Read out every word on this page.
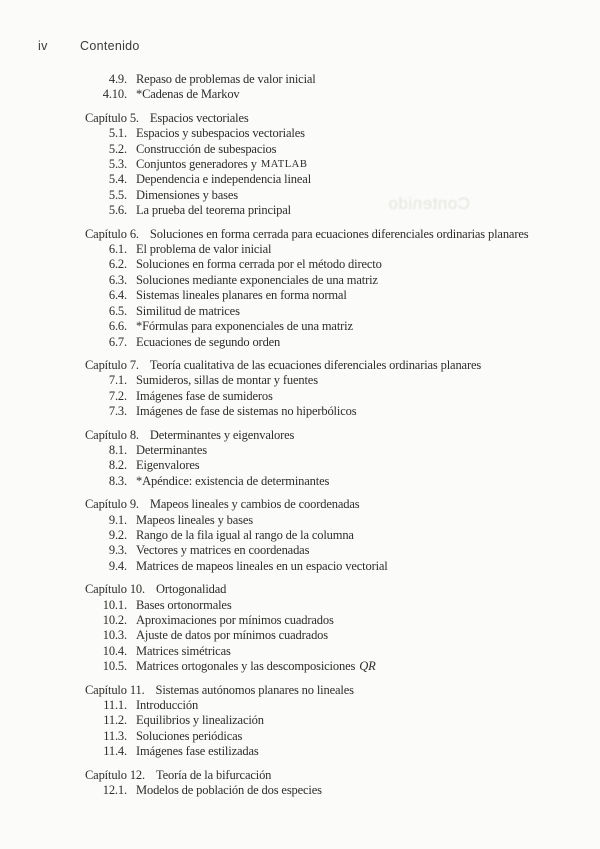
iv	Contenido
Contenido
4.9. Repaso de problemas de valor inicial
4.10. *Cadenas de Markov
Capítulo 5. Espacios vectoriales
5.1. Espacios y subespacios vectoriales
5.2. Construcción de subespacios
5.3. Conjuntos generadores y MATLAB
5.4. Dependencia e independencia lineal
5.5. Dimensiones y bases
5.6. La prueba del teorema principal
Capítulo 6. Soluciones en forma cerrada para ecuaciones diferenciales ordinarias planares
6.1. El problema de valor inicial
6.2. Soluciones en forma cerrada por el método directo
6.3. Soluciones mediante exponenciales de una matriz
6.4. Sistemas lineales planares en forma normal
6.5. Similitud de matrices
6.6. *Fórmulas para exponenciales de una matriz
6.7. Ecuaciones de segundo orden
Capítulo 7. Teoría cualitativa de las ecuaciones diferenciales ordinarias planares
7.1. Sumideros, sillas de montar y fuentes
7.2. Imágenes fase de sumideros
7.3. Imágenes de fase de sistemas no hiperbólicos
Capítulo 8. Determinantes y eigenvalores
8.1. Determinantes
8.2. Eigenvalores
8.3. *Apéndice: existencia de determinantes
Capítulo 9. Mapeos lineales y cambios de coordenadas
9.1. Mapeos lineales y bases
9.2. Rango de la fila igual al rango de la columna
9.3. Vectores y matrices en coordenadas
9.4. Matrices de mapeos lineales en un espacio vectorial
Capítulo 10. Ortogonalidad
10.1. Bases ortonormales
10.2. Aproximaciones por mínimos cuadrados
10.3. Ajuste de datos por mínimos cuadrados
10.4. Matrices simétricas
10.5. Matrices ortogonales y las descomposiciones QR
Capítulo 11. Sistemas autónomos planares no lineales
11.1. Introducción
11.2. Equilibrios y linealización
11.3. Soluciones periódicas
11.4. Imágenes fase estilizadas
Capítulo 12. Teoría de la bifurcación
12.1. Modelos de población de dos especies
